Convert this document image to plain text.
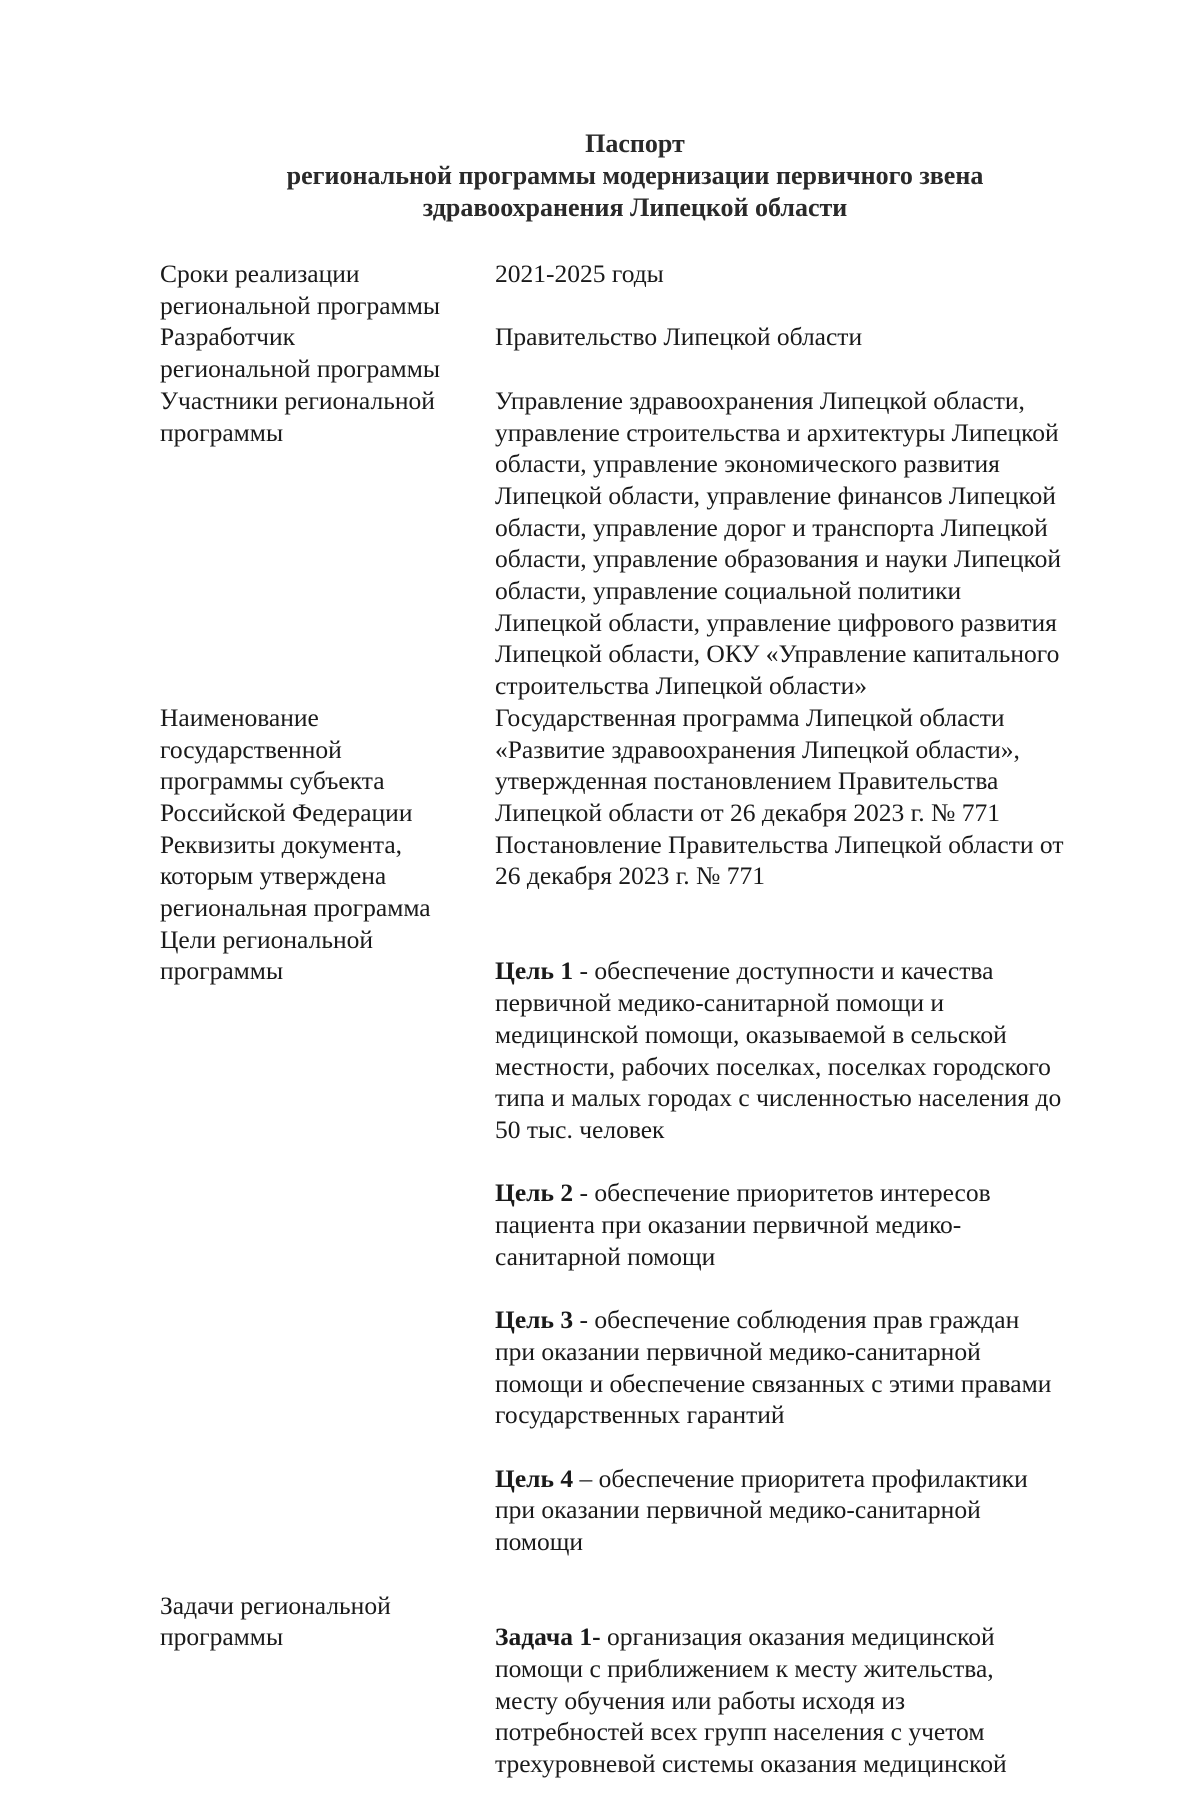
Паспорт
региональной программы модернизации первичного звена
здравоохранения Липецкой области
Сроки реализации
региональной программы
2021-2025 годы
Разработчик
региональной программы
Правительство Липецкой области
Участники региональной
программы
Управление здравоохранения Липецкой области,
управление строительства и архитектуры Липецкой
области, управление экономического развития
Липецкой области, управление финансов Липецкой
области, управление дорог и транспорта Липецкой
области, управление образования и науки Липецкой
области, управление социальной политики
Липецкой области, управление цифрового развития
Липецкой области, ОКУ «Управление капитального
строительства Липецкой области»
Наименование
государственной
программы субъекта
Российской Федерации
Государственная программа Липецкой области
«Развитие здравоохранения Липецкой области»,
утвержденная постановлением Правительства
Липецкой области от 26 декабря 2023 г. № 771
Реквизиты документа,
которым утверждена
региональная программа
Постановление Правительства Липецкой области от
26 декабря 2023 г. № 771
Цели региональной
программы	Цель 1 - обеспечение доступности и качества
первичной медико-санитарной помощи и
медицинской помощи, оказываемой в сельской
местности, рабочих поселках, поселках городского
типа и малых городах с численностью населения до
50 тыс. человек

Цель 2 - обеспечение приоритетов интересов
пациента при оказании первичной медико-
санитарной помощи

Цель 3 - обеспечение соблюдения прав граждан
при оказании первичной медико-санитарной
помощи и обеспечение связанных с этими правами
государственных гарантий

Цель 4 – обеспечение приоритета профилактики
при оказании первичной медико-санитарной
помощи

Задачи региональной
программы	Задача 1- организация оказания медицинской
помощи с приближением к месту жительства,
месту обучения или работы исходя из
потребностей всех групп населения с учетом
трехуровневой системы оказания медицинской
